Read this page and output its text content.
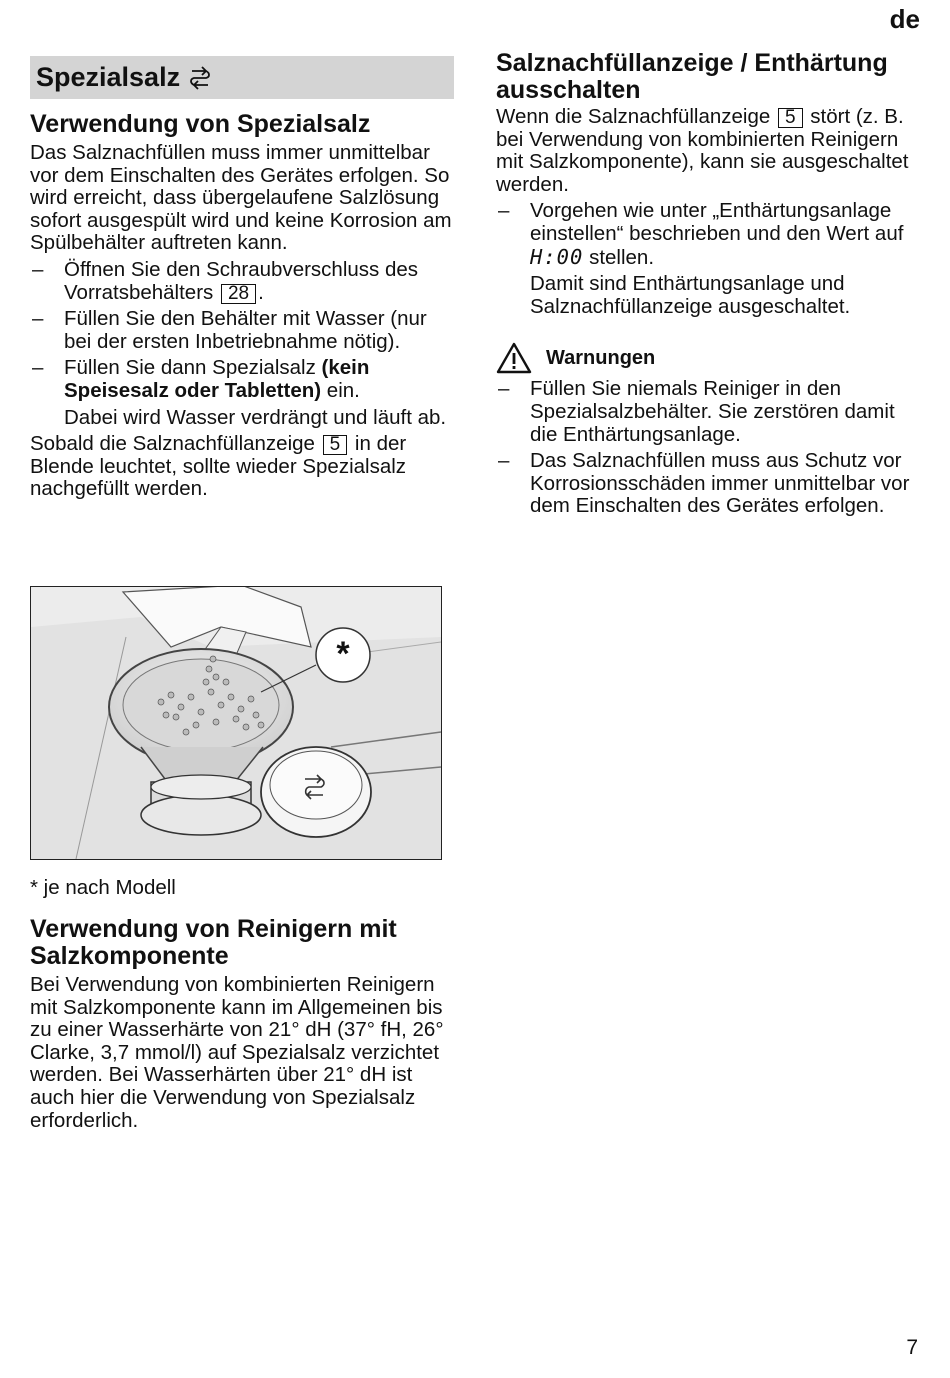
de
Spezialsalz
Verwendung von Spezialsalz

Das Salznachfüllen muss immer unmittelbar vor dem Einschalten des Gerätes erfolgen. So wird erreicht, dass übergelaufene Salzlösung sofort ausgespült wird und keine Korrosion am Spülbehälter auftreten kann.

– Öffnen Sie den Schraubverschluss des Vorratsbehälters 28 .
– Füllen Sie den Behälter mit Wasser (nur bei der ersten Inbetriebnahme nötig).
– Füllen Sie dann Spezialsalz (kein Speisesalz oder Tabletten) ein.

Dabei wird Wasser verdrängt und läuft ab.

Sobald die Salznachfüllanzeige 5 in der Blende leuchtet, sollte wieder Spezialsalz nachgefüllt werden.

*

* je nach Modell

Verwendung von Reinigern mit Salzkomponente

Bei Verwendung von kombinierten Reinigern mit Salzkomponente kann im Allgemeinen bis zu einer Wasserhärte von 21° dH (37° fH, 26° Clarke, 3,7 mmol/l) auf Spezialsalz verzichtet werden. Bei Wasserhärten über 21° dH ist auch hier die Verwendung von Spezialsalz erforderlich.

Salznachfüllanzeige / Enthärtung ausschalten

Wenn die Salznachfüllanzeige 5 stört (z. B. bei Verwendung von kombinierten Reinigern mit Salzkomponente), kann sie ausgeschaltet werden.

– Vorgehen wie unter „Enthärtungsanlage einstellen“ beschrieben und den Wert auf H:00 stellen.

Damit sind Enthärtungsanlage und Salznachfüllanzeige ausgeschaltet.

Warnungen
– Füllen Sie niemals Reiniger in den Spezialsalzbehälter. Sie zerstören damit die Enthärtungsanlage.
– Das Salznachfüllen muss aus Schutz vor Korrosionsschäden immer unmittelbar vor dem Einschalten des Gerätes erfolgen.
7
